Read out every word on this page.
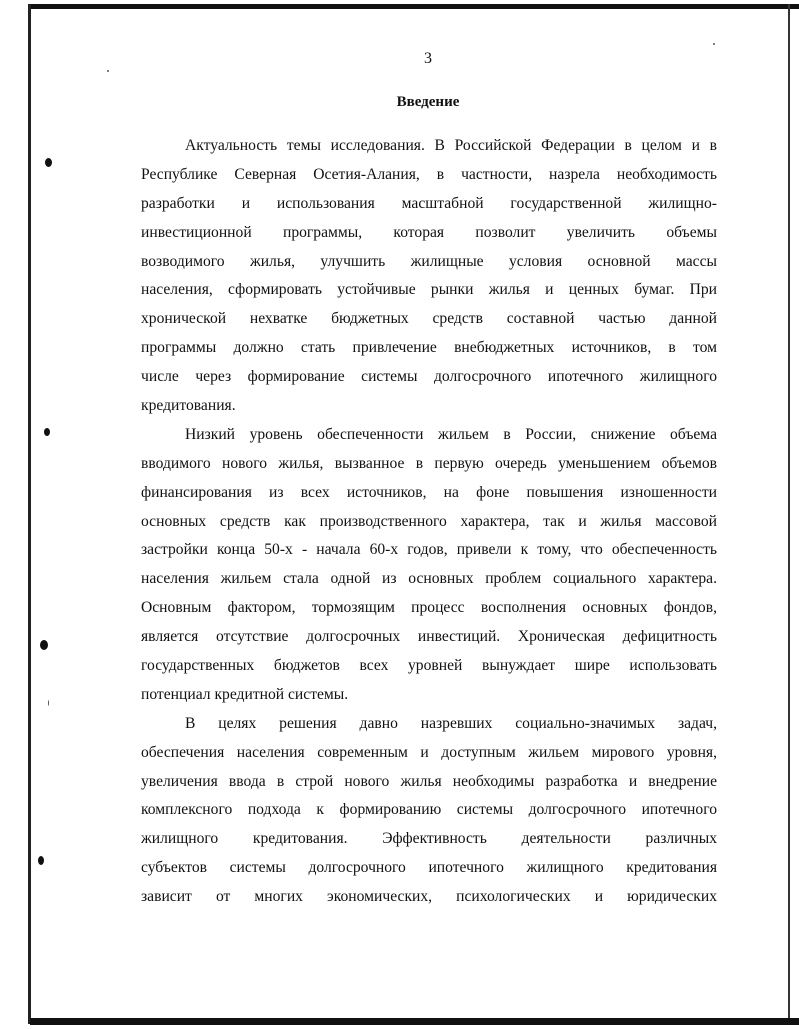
3
Введение
Актуальность темы исследования. В Российской Федерации в целом и в
Республике Северная Осетия-Алания, в частности, назрела необходимость
разработки и использования масштабной государственной жилищно-
инвестиционной программы, которая позволит увеличить объемы
возводимого жилья, улучшить жилищные условия основной массы
населения, сформировать устойчивые рынки жилья и ценных бумаг. При
хронической нехватке бюджетных средств составной частью данной
программы должно стать привлечение внебюджетных источников, в том
числе через формирование системы долгосрочного ипотечного жилищного
кредитования.
Низкий уровень обеспеченности жильем в России, снижение объема
вводимого нового жилья, вызванное в первую очередь уменьшением объемов
финансирования из всех источников, на фоне повышения изношенности
основных средств как производственного характера, так и жилья массовой
застройки конца 50-х - начала 60-х годов, привели к тому, что обеспеченность
населения жильем стала одной из основных проблем социального характера.
Основным фактором, тормозящим процесс восполнения основных фондов,
является отсутствие долгосрочных инвестиций. Хроническая дефицитность
государственных бюджетов всех уровней вынуждает шире использовать
потенциал кредитной системы.
В целях решения давно назревших социально-значимых задач,
обеспечения населения современным и доступным жильем мирового уровня,
увеличения ввода в строй нового жилья необходимы разработка и внедрение
комплексного подхода к формированию системы долгосрочного ипотечного
жилищного кредитования. Эффективность деятельности различных
субъектов системы долгосрочного ипотечного жилищного кредитования
зависит от многих экономических, психологических и юридических
